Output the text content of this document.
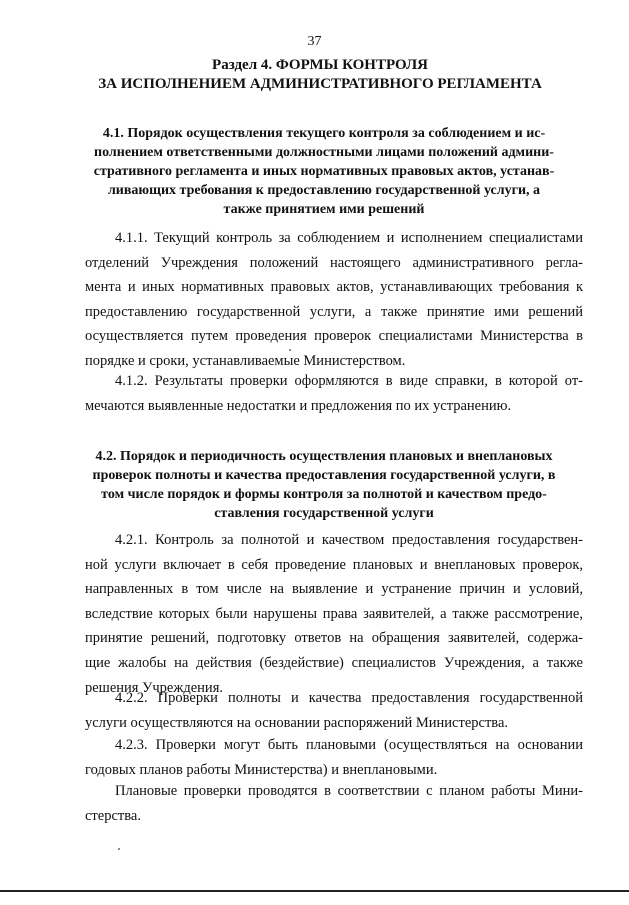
37
Раздел 4. ФОРМЫ КОНТРОЛЯ
ЗА ИСПОЛНЕНИЕМ АДМИНИСТРАТИВНОГО РЕГЛАМЕНТА
4.1. Порядок осуществления текущего контроля за соблюдением и ис-
полнением ответственными должностными лицами положений админи-
стративного регламента и иных нормативных правовых актов, устанав-
ливающих требования к предоставлению государственной услуги, а
также принятием ими решений
4.1.1. Текущий контроль за соблюдением и исполнением специалистами
отделений Учреждения положений настоящего административного регла-
мента и иных нормативных правовых актов, устанавливающих требования к
предоставлению государственной услуги, а также принятие ими решений
осуществляется путем проведения проверок специалистами Министерства в
порядке и сроки, устанавливаемые Министерством.
4.1.2. Результаты проверки оформляются в виде справки, в которой от-
мечаются выявленные недостатки и предложения по их устранению.
4.2. Порядок и периодичность осуществления плановых и внеплановых
проверок полноты и качества предоставления государственной услуги, в
том числе порядок и формы контроля за полнотой и качеством предо-
ставления государственной услуги
4.2.1. Контроль за полнотой и качеством предоставления государствен-
ной услуги включает в себя проведение плановых и внеплановых проверок,
направленных в том числе на выявление и устранение причин и условий,
вследствие которых были нарушены права заявителей, а также рассмотрение,
принятие решений, подготовку ответов на обращения заявителей, содержа-
щие жалобы на действия (бездействие) специалистов Учреждения, а также
решения Учреждения.
4.2.2. Проверки полноты и качества предоставления государственной
услуги осуществляются на основании распоряжений Министерства.
4.2.3. Проверки могут быть плановыми (осуществляться на основании
годовых планов работы Министерства) и внеплановыми.
Плановые проверки проводятся в соответствии с планом работы Мини-
стерства.
